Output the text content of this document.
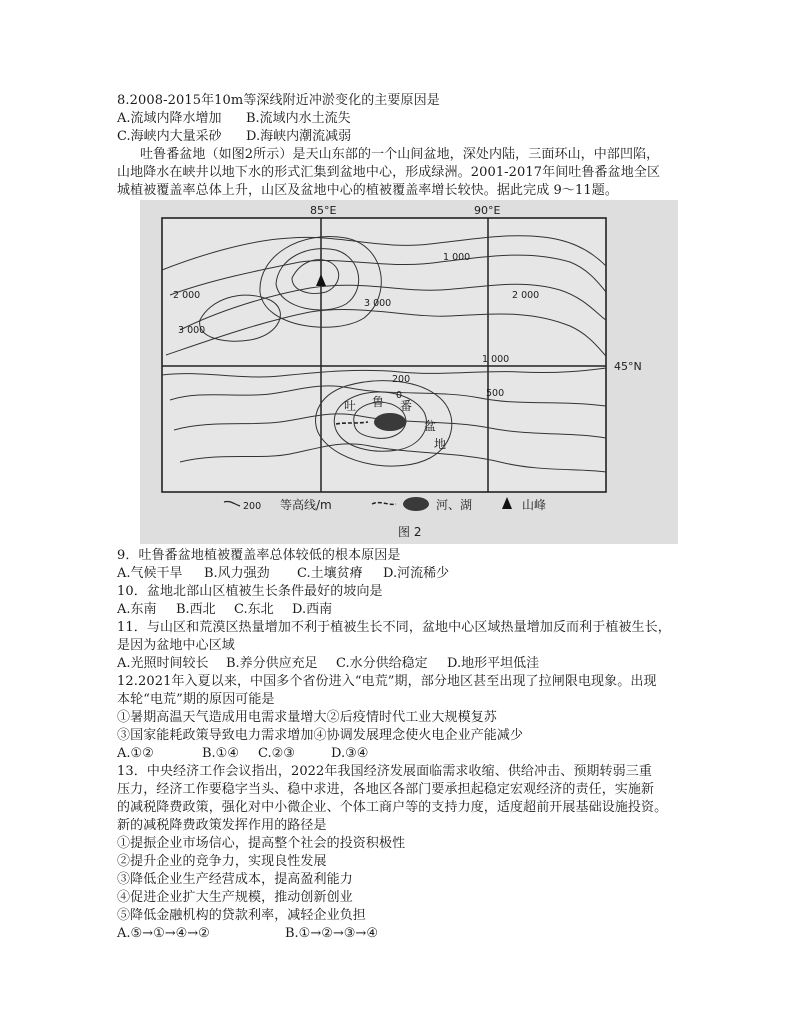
8.2008-2015年10m等深线附近冲淤变化的主要原因是
A.流域内降水增加 B.流域内水土流失
C.海峡内大量采砂 D.海峡内潮流减弱
吐鲁番盆地（如图2所示）是天山东部的一个山间盆地，深处内陆，三面环山，中部凹陷，
山地降水在峡井以地下水的形式汇集到盆地中心，形成绿洲。2001-2017年间吐鲁番盆地全区
城植被覆盖率总体上升，山区及盆地中心的植被覆盖率增长较快。据此完成 9～11题。
85°E	90°E
45°N
1 000
2 000
3 000
3 000
2 000
1 000
200
0	500
吐 鲁 番
盆
地
200 等高线/m	河、湖	山峰
图 2
9．吐鲁番盆地植被覆盖率总体较低的根本原因是
A.气候干旱 B.风力强劲 C.土壤贫瘠 D.河流稀少
10．盆地北部山区植被生长条件最好的坡向是
A.东南 B.西北 C.东北 D.西南
11．与山区和荒漠区热量增加不利于植被生长不同，盆地中心区域热量增加反而利于植被生长，
是因为盆地中心区域
A.光照时间较长 B.养分供应充足 C.水分供给稳定 D.地形平坦低洼
12.2021年入夏以来，中国多个省份进入“电荒”期，部分地区甚至出现了拉闸限电现象。出现
本轮“电荒”期的原因可能是
①暑期高温天气造成用电需求量增大②后疫情时代工业大规模复苏
③国家能耗政策导致电力需求增加④协调发展理念使火电企业产能减少
A.①②	B.①④ C.②③	D.③④
13．中央经济工作会议指出，2022年我国经济发展面临需求收缩、供给冲击、预期转弱三重
压力，经济工作要稳字当头、稳中求进，各地区各部门要承担起稳定宏观经济的责任，实施新
的减税降费政策，强化对中小微企业、个体工商户等的支持力度，适度超前开展基础设施投资。
新的减税降费政策发挥作用的路径是
①提振企业市场信心，提高整个社会的投资积极性
②提升企业的竞争力，实现良性发展
③降低企业生产经营成本，提高盈利能力
④促进企业扩大生产规模，推动创新创业
⑤降低金融机构的贷款利率，减轻企业负担
A.⑤→①→④→②	B.①→②→③→④
